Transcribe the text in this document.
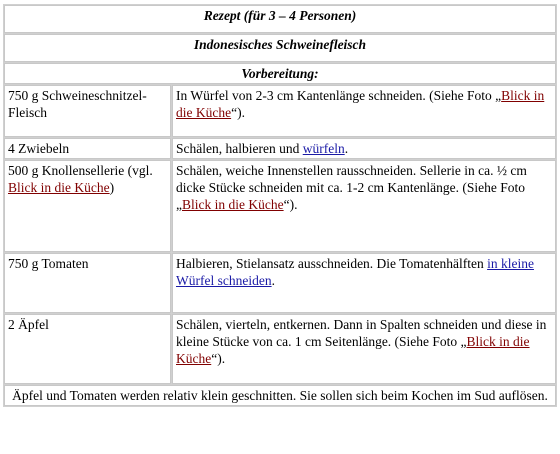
Rezept (für 3 – 4 Personen)	
Indonesisches Schweinefleisch	
Vorbereitung:	
750 g Schweineschnitzel-Fleisch	In Würfel von 2-3 cm Kantenlänge schneiden. (Siehe Foto „Blick in die Küche“).
4 Zwiebeln	Schälen, halbieren und würfeln.
500 g Knollensellerie (vgl. Blick in die Küche)	Schälen, weiche Innenstellen rausschneiden. Sellerie in ca. ½ cm dicke Stücke schneiden mit ca. 1-2 cm Kantenlänge. (Siehe Foto „Blick in die Küche“).
750 g Tomaten	Halbieren, Stielansatz ausschneiden. Die Tomatenhälften in kleine Würfel schneiden.
2 Äpfel	Schälen, vierteln, entkernen. Dann in Spalten schneiden und diese in kleine Stücke von ca. 1 cm Seitenlänge. (Siehe Foto „Blick in die Küche“).
Äpfel und Tomaten werden relativ klein geschnitten. Sie sollen sich beim Kochen im Sud auflösen.	
